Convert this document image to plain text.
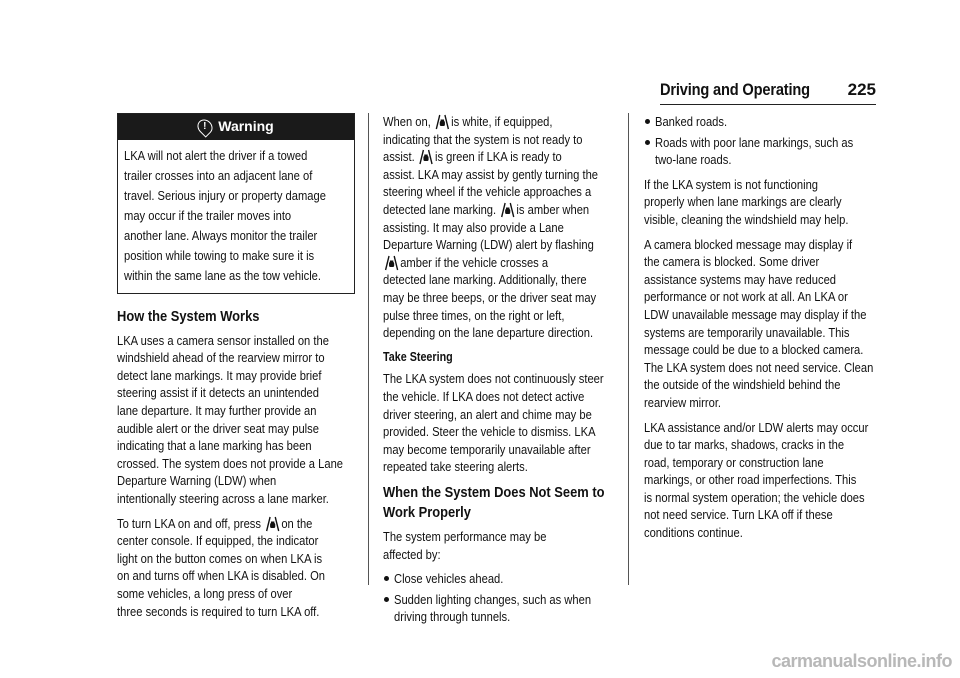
Driving and Operating 225
! Warning
LKA will not alert the driver if a towed
trailer crosses into an adjacent lane of
travel. Serious injury or property damage
may occur if the trailer moves into
another lane. Always monitor the trailer
position while towing to make sure it is
within the same lane as the tow vehicle.
How the System Works
LKA uses a camera sensor installed on the
windshield ahead of the rearview mirror to
detect lane markings. It may provide brief
steering assist if it detects an unintended
lane departure. It may further provide an
audible alert or the driver seat may pulse
indicating that a lane marking has been
crossed. The system does not provide a Lane
Departure Warning (LDW) when
intentionally steering across a lane marker.
To turn LKA on and off, press on the
center console. If equipped, the indicator
light on the button comes on when LKA is
on and turns off when LKA is disabled. On
some vehicles, a long press of over
three seconds is required to turn LKA off.
When on, is white, if equipped,
indicating that the system is not ready to
assist. is green if LKA is ready to
assist. LKA may assist by gently turning the
steering wheel if the vehicle approaches a
detected lane marking. is amber when
assisting. It may also provide a Lane
Departure Warning (LDW) alert by flashing
amber if the vehicle crosses a
detected lane marking. Additionally, there
may be three beeps, or the driver seat may
pulse three times, on the right or left,
depending on the lane departure direction.
Take Steering
The LKA system does not continuously steer
the vehicle. If LKA does not detect active
driver steering, an alert and chime may be
provided. Steer the vehicle to dismiss. LKA
may become temporarily unavailable after
repeated take steering alerts.
When the System Does Not Seem to
Work Properly
The system performance may be
affected by:
Close vehicles ahead.
Sudden lighting changes, such as when
driving through tunnels.
Banked roads.
Roads with poor lane markings, such as
two-lane roads.
If the LKA system is not functioning
properly when lane markings are clearly
visible, cleaning the windshield may help.
A camera blocked message may display if
the camera is blocked. Some driver
assistance systems may have reduced
performance or not work at all. An LKA or
LDW unavailable message may display if the
systems are temporarily unavailable. This
message could be due to a blocked camera.
The LKA system does not need service. Clean
the outside of the windshield behind the
rearview mirror.
LKA assistance and/or LDW alerts may occur
due to tar marks, shadows, cracks in the
road, temporary or construction lane
markings, or other road imperfections. This
is normal system operation; the vehicle does
not need service. Turn LKA off if these
conditions continue.
carmanualsonline.info
